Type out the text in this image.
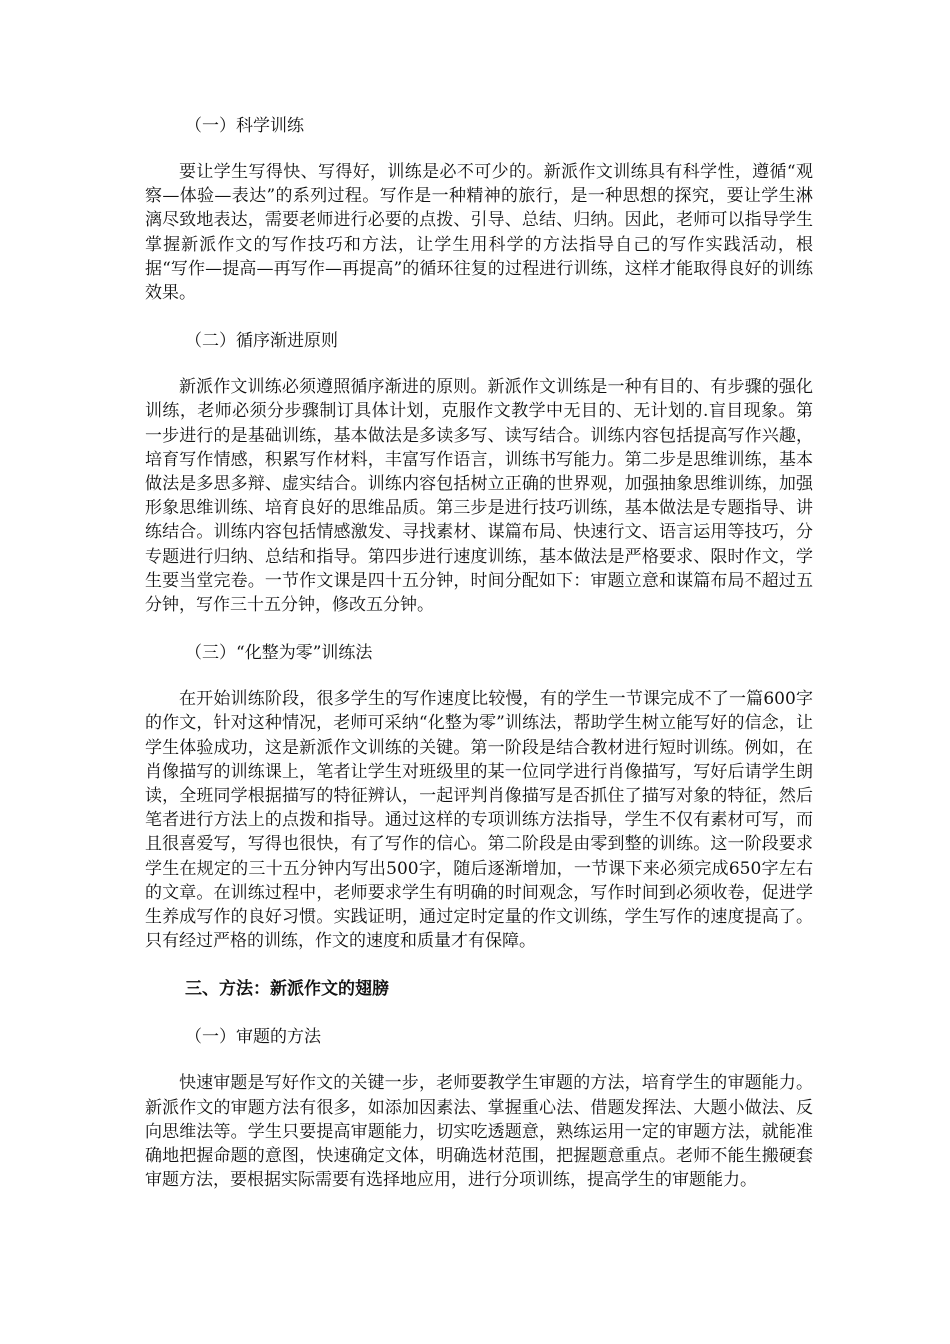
（一）科学训练

要让学生写得快、写得好，训练是必不可少的。新派作文训练具有科学性，遵循“观察—体验—表达”的系列过程。写作是一种精神的旅行，是一种思想的探究，要让学生淋漓尽致地表达，需要老师进行必要的点拨、引导、总结、归纳。因此，老师可以指导学生掌握新派作文的写作技巧和方法，让学生用科学的方法指导自己的写作实践活动，根据“写作—提高—再写作—再提高”的循环往复的过程进行训练，这样才能取得良好的训练效果。

（二）循序渐进原则

新派作文训练必须遵照循序渐进的原则。新派作文训练是一种有目的、有步骤的强化训练，老师必须分步骤制订具体计划，克服作文教学中无目的、无计划的.盲目现象。第一步进行的是基础训练，基本做法是多读多写、读写结合。训练内容包括提高写作兴趣，培育写作情感，积累写作材料，丰富写作语言，训练书写能力。第二步是思维训练，基本做法是多思多辩、虚实结合。训练内容包括树立正确的世界观，加强抽象思维训练，加强形象思维训练、培育良好的思维品质。第三步是进行技巧训练，基本做法是专题指导、讲练结合。训练内容包括情感激发、寻找素材、谋篇布局、快速行文、语言运用等技巧，分专题进行归纳、总结和指导。第四步进行速度训练，基本做法是严格要求、限时作文，学生要当堂完卷。一节作文课是四十五分钟，时间分配如下：审题立意和谋篇布局不超过五分钟，写作三十五分钟，修改五分钟。

（三）“化整为零”训练法

在开始训练阶段，很多学生的写作速度比较慢，有的学生一节课完成不了一篇600字的作文，针对这种情况，老师可采纳“化整为零”训练法，帮助学生树立能写好的信念，让学生体验成功，这是新派作文训练的关键。第一阶段是结合教材进行短时训练。例如，在肖像描写的训练课上，笔者让学生对班级里的某一位同学进行肖像描写，写好后请学生朗读，全班同学根据描写的特征辨认，一起评判肖像描写是否抓住了描写对象的特征，然后笔者进行方法上的点拨和指导。通过这样的专项训练方法指导，学生不仅有素材可写，而且很喜爱写，写得也很快，有了写作的信心。第二阶段是由零到整的训练。这一阶段要求学生在规定的三十五分钟内写出500字，随后逐渐增加，一节课下来必须完成650字左右的文章。在训练过程中，老师要求学生有明确的时间观念，写作时间到必须收卷，促进学生养成写作的良好习惯。实践证明，通过定时定量的作文训练，学生写作的速度提高了。只有经过严格的训练，作文的速度和质量才有保障。

三、方法：新派作文的翅膀

（一）审题的方法

快速审题是写好作文的关键一步，老师要教学生审题的方法，培育学生的审题能力。新派作文的审题方法有很多，如添加因素法、掌握重心法、借题发挥法、大题小做法、反向思维法等。学生只要提高审题能力，切实吃透题意，熟练运用一定的审题方法，就能准确地把握命题的意图，快速确定文体，明确选材范围，把握题意重点。老师不能生搬硬套审题方法，要根据实际需要有选择地应用，进行分项训练，提高学生的审题能力。
